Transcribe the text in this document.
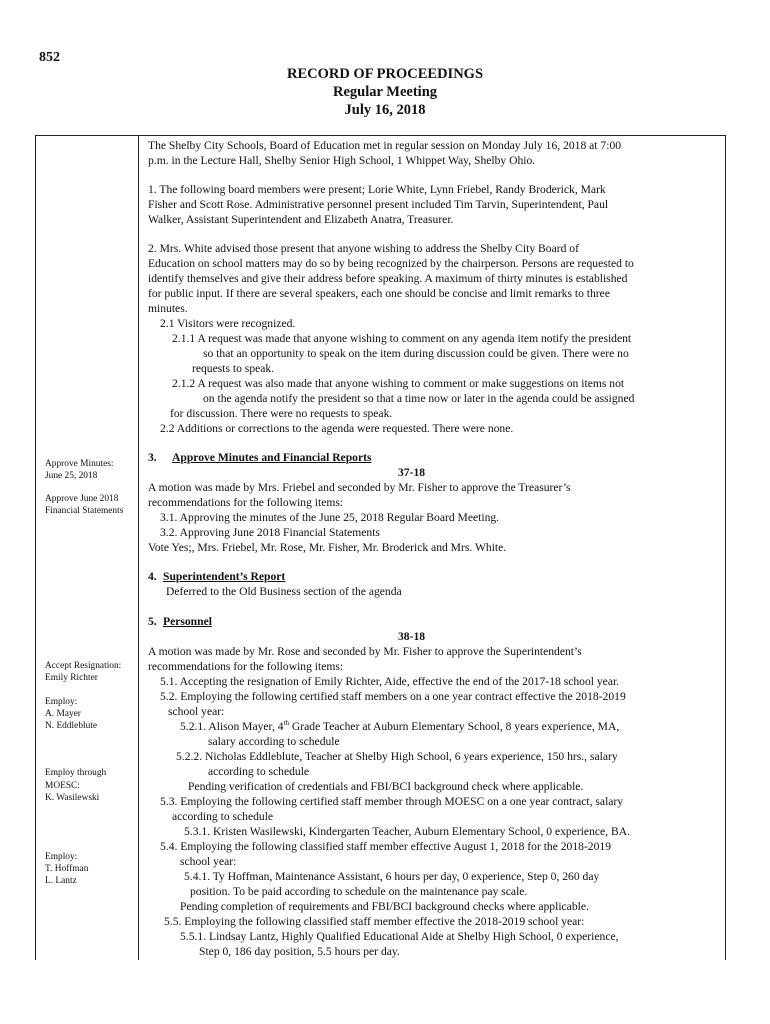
852
RECORD OF PROCEEDINGS
Regular Meeting
July 16, 2018
Approve Minutes:
June 25, 2018
Approve June 2018
Financial Statements
Accept Resignation:
Emily Richter
Employ:
A. Mayer
N. Eddleblute
Employ through
MOESC:
K. Wasilewski
Employ:
T. Hoffman
L. Lantz
The Shelby City Schools, Board of Education met in regular session on Monday July 16, 2018 at 7:00
p.m. in the Lecture Hall, Shelby Senior High School, 1 Whippet Way, Shelby Ohio.
1. The following board members were present; Lorie White, Lynn Friebel, Randy Broderick, Mark
Fisher and Scott Rose. Administrative personnel present included Tim Tarvin, Superintendent, Paul
Walker, Assistant Superintendent and Elizabeth Anatra, Treasurer.
2. Mrs. White advised those present that anyone wishing to address the Shelby City Board of
Education on school matters may do so by being recognized by the chairperson. Persons are requested to
identify themselves and give their address before speaking. A maximum of thirty minutes is established
for public input. If there are several speakers, each one should be concise and limit remarks to three
minutes.
2.1 Visitors were recognized.
2.1.1 A request was made that anyone wishing to comment on any agenda item notify the president
so that an opportunity to speak on the item during discussion could be given. There were no
requests to speak.
2.1.2 A request was also made that anyone wishing to comment or make suggestions on items not
on the agenda notify the president so that a time now or later in the agenda could be assigned
for discussion. There were no requests to speak.
2.2 Additions or corrections to the agenda were requested. There were none.
3. Approve Minutes and Financial Reports
37-18
A motion was made by Mrs. Friebel and seconded by Mr. Fisher to approve the Treasurer’s
recommendations for the following items:
3.1. Approving the minutes of the June 25, 2018 Regular Board Meeting.
3.2. Approving June 2018 Financial Statements
Vote Yes;, Mrs. Friebel, Mr. Rose, Mr. Fisher, Mr. Broderick and Mrs. White.
4. Superintendent’s Report
Deferred to the Old Business section of the agenda
5. Personnel
38-18
A motion was made by Mr. Rose and seconded by Mr. Fisher to approve the Superintendent’s
recommendations for the following items:
5.1. Accepting the resignation of Emily Richter, Aide, effective the end of the 2017-18 school year.
5.2. Employing the following certified staff members on a one year contract effective the 2018-2019
school year:
5.2.1. Alison Mayer, 4th Grade Teacher at Auburn Elementary School, 8 years experience, MA,
salary according to schedule
5.2.2. Nicholas Eddleblute, Teacher at Shelby High School, 6 years experience, 150 hrs., salary
according to schedule
Pending verification of credentials and FBI/BCI background check where applicable.
5.3. Employing the following certified staff member through MOESC on a one year contract, salary
according to schedule
5.3.1. Kristen Wasilewski, Kindergarten Teacher, Auburn Elementary School, 0 experience, BA.
5.4. Employing the following classified staff member effective August 1, 2018 for the 2018-2019
school year:
5.4.1. Ty Hoffman, Maintenance Assistant, 6 hours per day, 0 experience, Step 0, 260 day
position. To be paid according to schedule on the maintenance pay scale.
Pending completion of requirements and FBI/BCI background checks where applicable.
5.5. Employing the following classified staff member effective the 2018-2019 school year:
5.5.1. Lindsay Lantz, Highly Qualified Educational Aide at Shelby High School, 0 experience,
Step 0, 186 day position, 5.5 hours per day.
